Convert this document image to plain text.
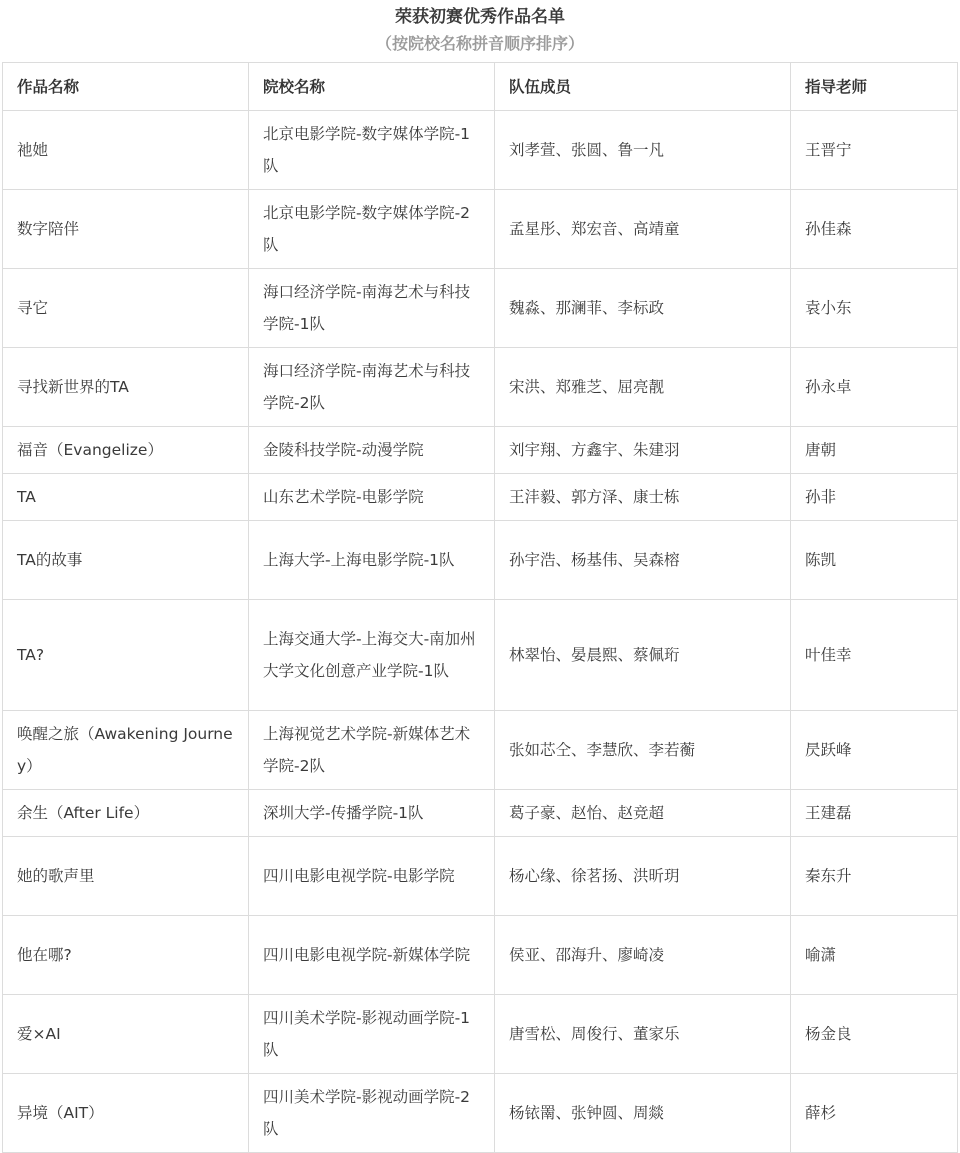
荣获初赛优秀作品名单
（按院校名称拼音顺序排序）
作品名称	院校名称	队伍成员	指导老师
祂她	北京电影学院-数字媒体学院-1队	刘孝萱、张圆、鲁一凡	王晋宁
数字陪伴	北京电影学院-数字媒体学院-2队	孟星彤、郑宏音、高靖童	孙佳森
寻它	海口经济学院-南海艺术与科技学院-1队	魏淼、那澜菲、李标政	袁小东
寻找新世界的TA	海口经济学院-南海艺术与科技学院-2队	宋洪、郑雅芝、屈亮靓	孙永卓
福音（Evangelize）	金陵科技学院-动漫学院	刘宇翔、方鑫宇、朱建羽	唐朝
TA	山东艺术学院-电影学院	王沣毅、郭方泽、康士栋	孙非
TA的故事	上海大学-上海电影学院-1队	孙宇浩、杨基伟、吴森榕	陈凯
TA?	上海交通大学-上海交大-南加州大学文化创意产业学院-1队	林翠怡、晏晨熙、蔡佩珩	叶佳幸
唤醒之旅（Awakening Journey）	上海视觉艺术学院-新媒体艺术学院-2队	张如芯仝、李慧欣、李若蘅	昃跃峰
余生（After Life）	深圳大学-传播学院-1队	葛子豪、赵怡、赵竞超	王建磊
她的歌声里	四川电影电视学院-电影学院	杨心缘、徐茗扬、洪昕玥	秦东升
他在哪?	四川电影电视学院-新媒体学院	侯亚、邵海升、廖崎凌	喻潇
爱×AI	四川美术学院-影视动画学院-1队	唐雪松、周俊行、董家乐	杨金良
异境（AIT）	四川美术学院-影视动画学院-2队	杨铱罱、张钟圆、周燚	薛杉
